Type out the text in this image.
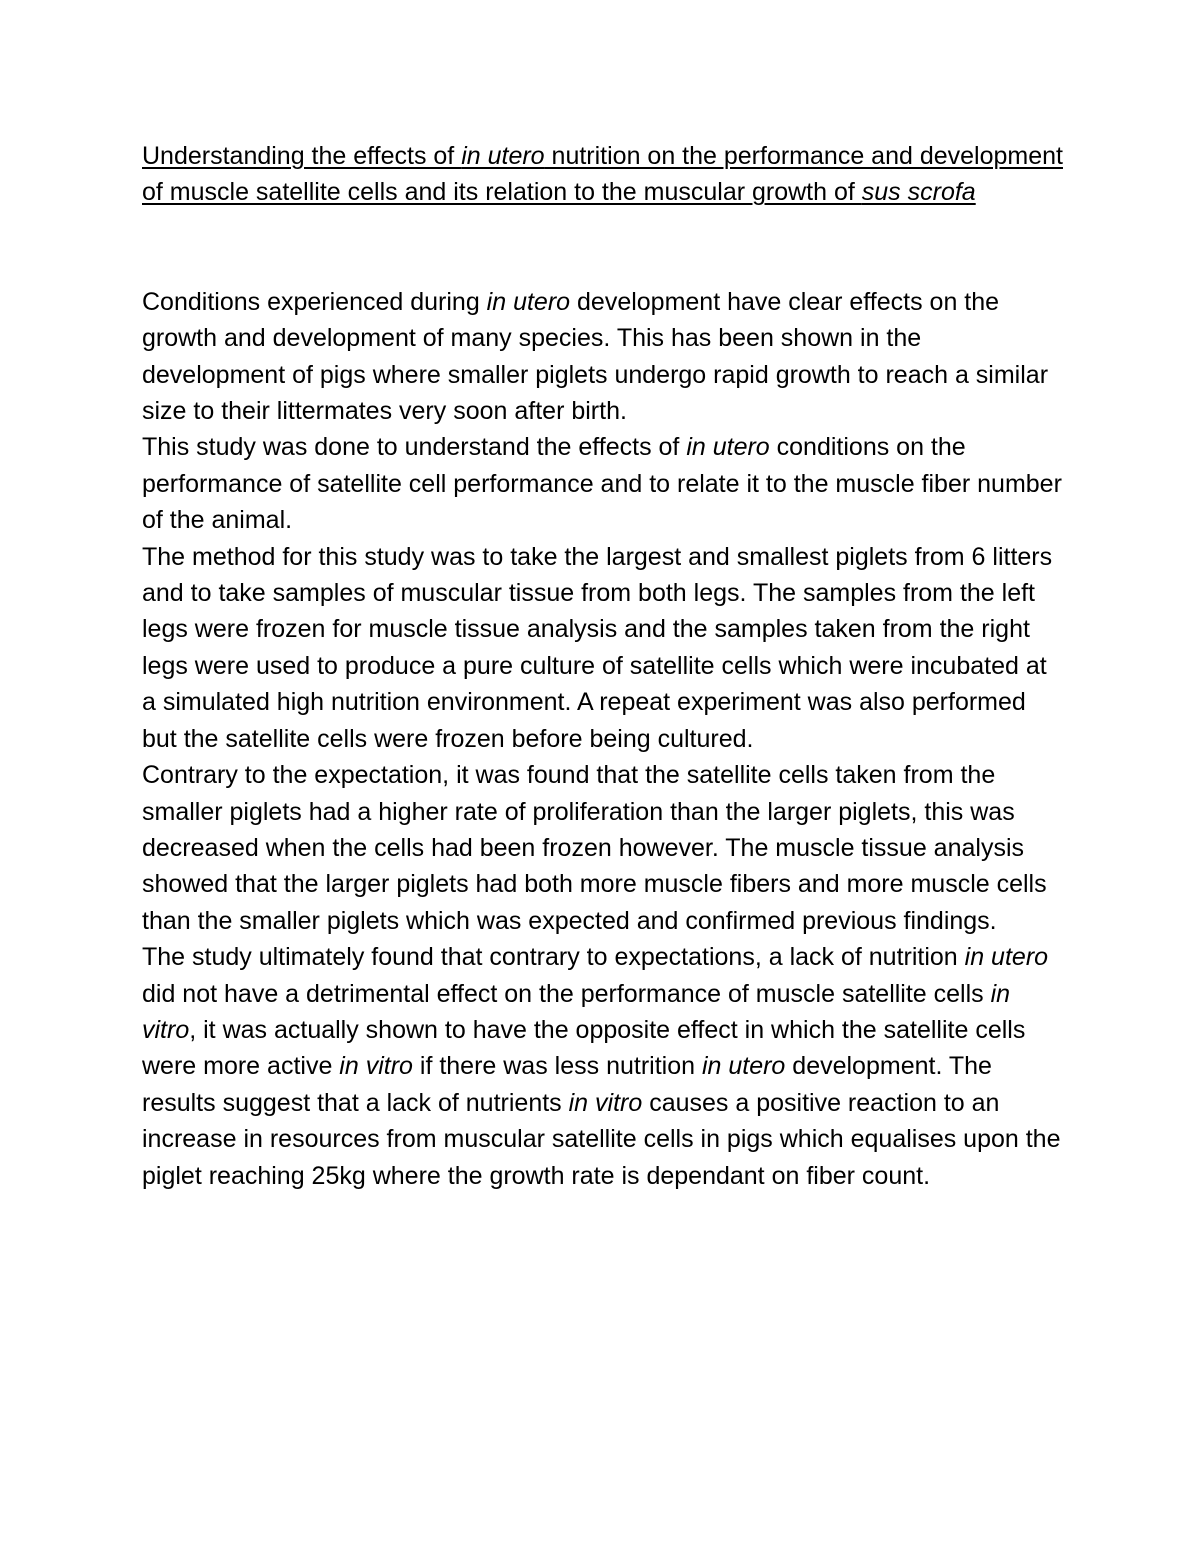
Understanding the effects of in utero nutrition on the performance and development of muscle satellite cells and its relation to the muscular growth of sus scrofa

Conditions experienced during in utero development have clear effects on the growth and development of many species. This has been shown in the development of pigs where smaller piglets undergo rapid growth to reach a similar size to their littermates very soon after birth.

This study was done to understand the effects of in utero conditions on the performance of satellite cell performance and to relate it to the muscle fiber number of the animal.

The method for this study was to take the largest and smallest piglets from 6 litters and to take samples of muscular tissue from both legs. The samples from the left legs were frozen for muscle tissue analysis and the samples taken from the right legs were used to produce a pure culture of satellite cells which were incubated at a simulated high nutrition environment. A repeat experiment was also performed but the satellite cells were frozen before being cultured.

Contrary to the expectation, it was found that the satellite cells taken from the smaller piglets had a higher rate of proliferation than the larger piglets, this was decreased when the cells had been frozen however. The muscle tissue analysis showed that the larger piglets had both more muscle fibers and more muscle cells than the smaller piglets which was expected and confirmed previous findings.

The study ultimately found that contrary to expectations, a lack of nutrition in utero did not have a detrimental effect on the performance of muscle satellite cells in vitro, it was actually shown to have the opposite effect in which the satellite cells were more active in vitro if there was less nutrition in utero development. The results suggest that a lack of nutrients in vitro causes a positive reaction to an increase in resources from muscular satellite cells in pigs which equalises upon the piglet reaching 25kg where the growth rate is dependant on fiber count.
